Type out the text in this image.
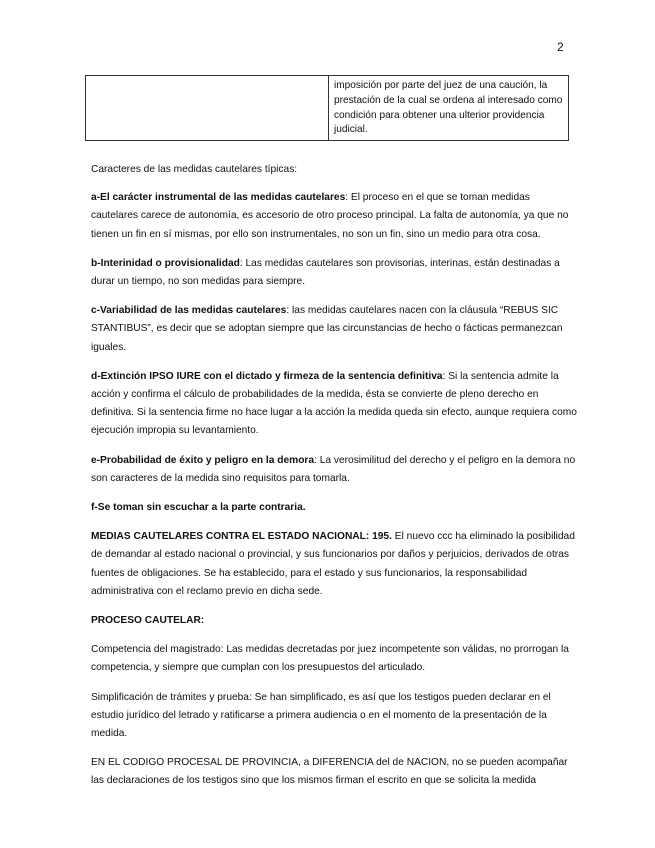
2
	imposición por parte del juez de una caución, la prestación de la cual se ordena al interesado como condición para obtener una ulterior providencia judicial.

Caracteres de las medidas cautelares típicas:

a-El carácter instrumental de las medidas cautelares: El proceso en el que se toman medidas cautelares carece de autonomía, es accesorio de otro proceso principal. La falta de autonomía, ya que no tienen un fin en sí mismas, por ello son instrumentales, no son un fin, sino un medio para otra cosa.

b-Interinidad o provisionalidad: Las medidas cautelares son provisorias, interinas, están destinadas a durar un tiempo, no son medidas para siempre.

c-Variabilidad de las medidas cautelares: las medidas cautelares nacen con la cláusula “REBUS SIC STANTIBUS”, es decir que se adoptan siempre que las circunstancias de hecho o fácticas permanezcan iguales.

d-Extinción IPSO IURE con el dictado y firmeza de la sentencia definitiva: Si la sentencia admite la acción y confirma el cálculo de probabilidades de la medida, ésta se convierte de pleno derecho en definitiva. Si la sentencia firme no hace lugar a la acción la medida queda sin efecto, aunque requiera como ejecución impropia su levantamiento.

e-Probabilidad de éxito y peligro en la demora: La verosimilitud del derecho y el peligro en la demora no son caracteres de la medida sino requisitos para tomarla.

f-Se toman sin escuchar a la parte contraria.

MEDIAS CAUTELARES CONTRA EL ESTADO NACIONAL: 195. El nuevo ccc ha eliminado la posibilidad de demandar al estado nacional o provincial, y sus funcionarios por daños y perjuicios, derivados de otras fuentes de obligaciones. Se ha establecido, para el estado y sus funcionarios, la responsabilidad administrativa con el reclamo previo en dicha sede.

PROCESO CAUTELAR:

Competencia del magistrado: Las medidas decretadas por juez incompetente son válidas, no prorrogan la competencia, y siempre que cumplan con los presupuestos del articulado.

Simplificación de trámites y prueba: Se han simplificado, es así que los testigos pueden declarar en el estudio jurídico del letrado y ratificarse a primera audiencia o en el momento de la presentación de la medida.

EN EL CODIGO PROCESAL DE PROVINCIA, a DIFERENCIA del de NACION, no se pueden acompañar las declaraciones de los testigos sino que los mismos firman el escrito en que se solicita la medida
